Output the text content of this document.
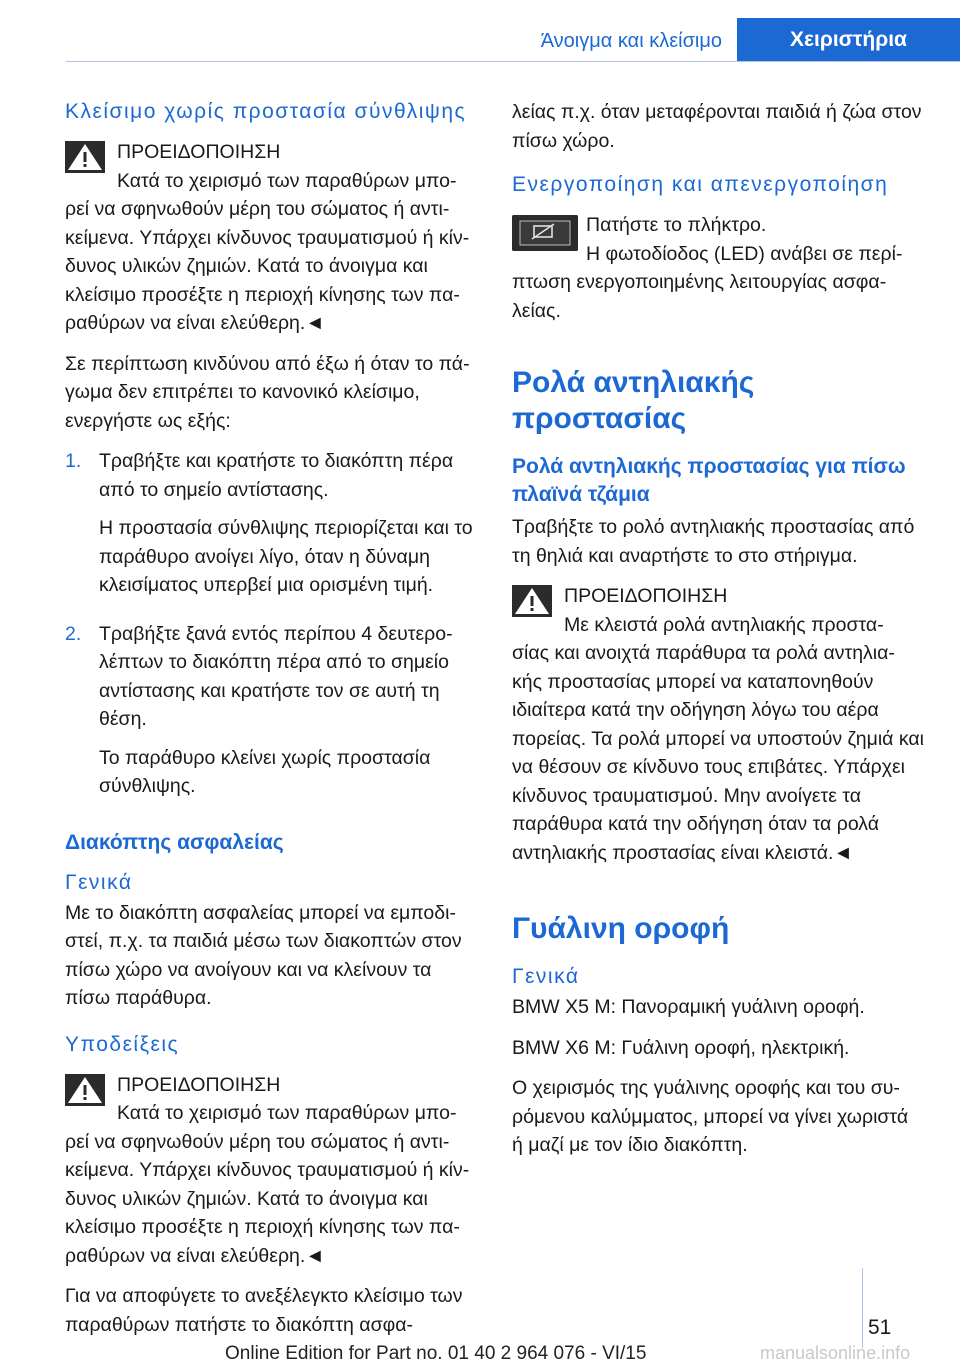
Άνοιγμα και κλείσιμο	Χειριστήρια
Κλείσιμο χωρίς προστασία σύνθλιψης
ΠΡΟΕΙΔΟΠΟΙΗΣΗ
Κατά το χειρισμό των παραθύρων μπο-
ρεί να σφηνωθούν μέρη του σώματος ή αντι- κείμενα. Υπάρχει κίνδυνος τραυματισμού ή κίν- δυνος υλικών ζημιών. Κατά το άνοιγμα και κλείσιμο προσέξτε η περιοχή κίνησης των πα- ραθύρων να είναι ελεύθερη.◄

Σε περίπτωση κινδύνου από έξω ή όταν το πά- γωμα δεν επιτρέπει το κανονικό κλείσιμο, ενεργήστε ως εξής:

1. Τραβήξτε και κρατήστε το διακόπτη πέρα από το σημείο αντίστασης.

Η προστασία σύνθλιψης περιορίζεται και το παράθυρο ανοίγει λίγο, όταν η δύναμη κλεισίματος υπερβεί μια ορισμένη τιμή.

2. Τραβήξτε ξανά εντός περίπου 4 δευτερο- λέπτων το διακόπτη πέρα από το σημείο αντίστασης και κρατήστε τον σε αυτή τη θέση.

Το παράθυρο κλείνει χωρίς προστασία σύνθλιψης.

Διακόπτης ασφαλείας
Γενικά

Με το διακόπτη ασφαλείας μπορεί να εμποδι- στεί, π.χ. τα παιδιά μέσω των διακοπτών στον πίσω χώρο να ανοίγουν και να κλείνουν τα πίσω παράθυρα.

Υποδείξεις
ΠΡΟΕΙΔΟΠΟΙΗΣΗ
Κατά το χειρισμό των παραθύρων μπο-
ρεί να σφηνωθούν μέρη του σώματος ή αντι- κείμενα. Υπάρχει κίνδυνος τραυματισμού ή κίν- δυνος υλικών ζημιών. Κατά το άνοιγμα και κλείσιμο προσέξτε η περιοχή κίνησης των πα- ραθύρων να είναι ελεύθερη.◄

Για να αποφύγετε το ανεξέλεγκτο κλείσιμο των παραθύρων πατήστε το διακόπτη ασφα-

λείας π.χ. όταν μεταφέρονται παιδιά ή ζώα στον πίσω χώρο.

Ενεργοποίηση και απενεργοποίηση
Πατήστε το πλήκτρο.
Η φωτοδίοδος (LED) ανάβει σε περί-
πτωση ενεργοποιημένης λειτουργίας ασφα- λείας.
Ρολά αντηλιακής προστασίας
Ρολά αντηλιακής προστασίας για πίσω πλαϊνά τζάμια

Τραβήξτε το ρολό αντηλιακής προστασίας από τη θηλιά και αναρτήστε το στο στήριγμα.

ΠΡΟΕΙΔΟΠΟΙΗΣΗ
Με κλειστά ρολά αντηλιακής προστα-
σίας και ανοιχτά παράθυρα τα ρολά αντηλια- κής προστασίας μπορεί να καταπονηθούν ιδιαίτερα κατά την οδήγηση λόγω του αέρα πορείας. Τα ρολά μπορεί να υποστούν ζημιά και να θέσουν σε κίνδυνο τους επιβάτες. Υπάρχει κίνδυνος τραυματισμού. Μην ανοίγετε τα παράθυρα κατά την οδήγηση όταν τα ρολά αντηλιακής προστασίας είναι κλειστά.◄
Γυάλινη οροφή
Γενικά

BMW X5 M: Πανοραμική γυάλινη οροφή.

BMW X6 M: Γυάλινη οροφή, ηλεκτρική.

Ο χειρισμός της γυάλινης οροφής και του συ- ρόμενου καλύμματος, μπορεί να γίνει χωριστά ή μαζί με τον ίδιο διακόπτη.

51
Online Edition for Part no. 01 40 2 964 076 - VI/15	manualsonline.info
